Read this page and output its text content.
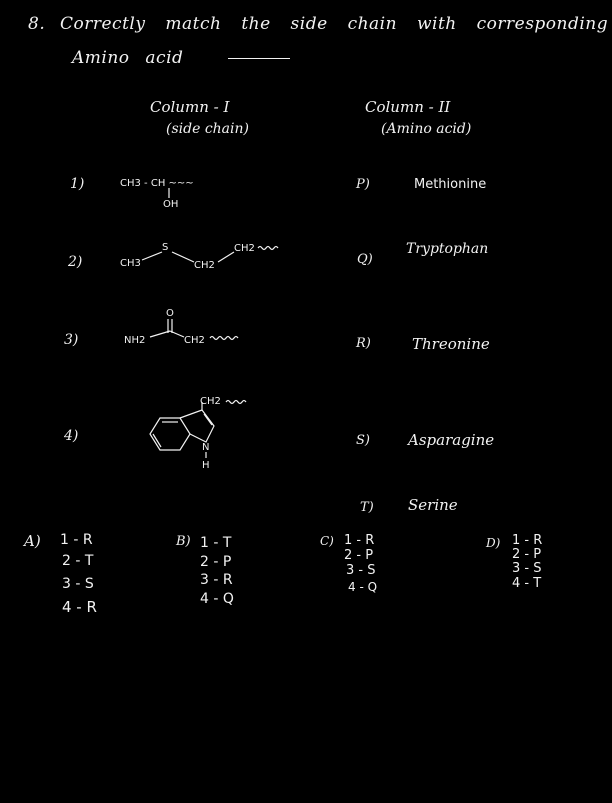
8. Correctly match the side chain with corresponding
Amino acid
Column - I
(side chain)
Column - II
(Amino acid)
1)	CH3 - CH ~~~
OH
P)	Methionine
2)	CH3
S
CH2
CH2
Q)
Tryptophan
3)
O
NH2	CH2	R)	Threonine
4)
CH2
N
H
S)	Asparagine
T) Serine
A) 1 - R
2 - T
3 - S
4 - R
B) 1 - T
2 - P
3 - R
4 - Q
C) 1 - R
2 - P
3 - S
4 - Q
D) 1 - R
2 - P
3 - S
4 - T
